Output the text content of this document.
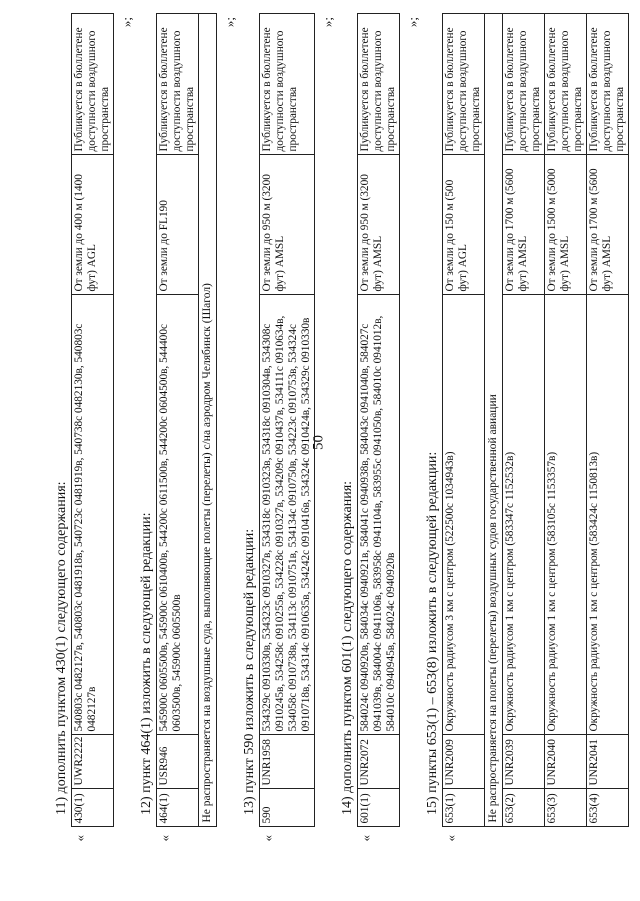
50
11) дополнить пунктом 430(1) следующего содержания:
«	430(1)	UWR2222	540803с 0482127в, 540803с 0481918в, 540723с 0481919в, 540738с 0482130в, 540803с 0482127в	От земли до 400 м (1400 фут) AGL	Публикуется в бюллетене доступности воздушного пространства
»;
12) пункт 464(1) изложить в следующей редакции:
«	464(1)	USR946	545900с 0605500в, 545900с 0610400в, 544200с 0611500в, 544200с 0604500в, 544400с 0603500в, 545900с 0605500в	От земли до FL190	Публикуется в бюллетене доступности воздушного пространства
	Не распространяется на воздушные суда, выполняющие полеты (перелеты) с/на аэродром Челябинск (Шагол)				
»;					
13) пункт 590 изложить в следующей редакции:
«	590	UNR1958	534329с 0910330в, 534323с 0910327в, 534318с 0910323в, 534318с 0910304в, 534308с 0910245в, 534258с 0910255в, 534228с 0910327в, 534209с 0910437в, 534111с 0910634в, 534058с 0910738в, 534113с 0910751в, 534134с 0910750в, 534223с 0910753в, 534324с 0910718в, 534314с 0910635в, 534242с 0910416в, 534324с 0910424в, 534329с 0910330в	От земли до 950 м (3200 фут) AMSL	Публикуется в бюллетене доступности воздушного пространства
»;
14) дополнить пунктом 601(1) следующего содержания:
«	601(1)	UNR2072	584024с 0940920в, 584034с 0940921в, 584041с 0940938в, 584043с 0941040в, 584027с 0941039в, 584004с 0941106в, 583958с 0941104в, 583955с 0941050в, 584010с 0941012в, 584010с 0940945в, 584024с 0940920в	От земли до 950 м (3200 фут) AMSL	Публикуется в бюллетене доступности воздушного пространства
»;
15) пункты 653(1) – 653(8) изложить в следующей редакции:
«	653(1)	UNR2009	Окружность радиусом 3 км с центром (522500с 1034943в)	От земли до 150 м (500 фут) AGL	Публикуется в бюллетене доступности воздушного пространства
	Не распространяется на полеты (перелеты) воздушных судов государственной авиации				
	653(2)	UNR2039	Окружность радиусом 1 км с центром (583347с 1152532в)	От земли до 1700 м (5600 фут) AMSL	Публикуется в бюллетене доступности воздушного пространства
	653(3)	UNR2040	Окружность радиусом 1 км с центром (583105с 1153357в)	От земли до 1500 м (5000 фут) AMSL	Публикуется в бюллетене доступности воздушного пространства
	653(4)	UNR2041	Окружность радиусом 1 км с центром (583424с 1150813в)	От земли до 1700 м (5600 фут) AMSL	Публикуется в бюллетене доступности воздушного пространства
